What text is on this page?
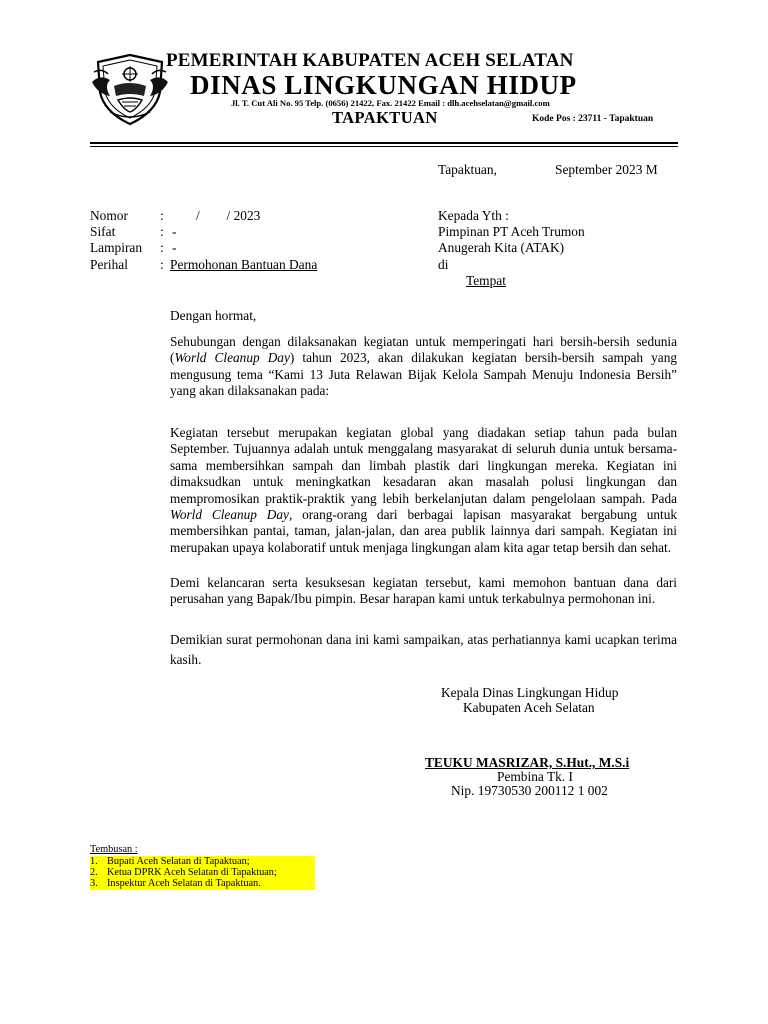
PEMERINTAH KABUPATEN ACEH SELATAN
DINAS LINGKUNGAN HIDUP
Jl. T. Cut Ali No. 95 Telp. (0656) 21422, Fax. 21422 Email : dlh.acehselatan@gmail.com
TAPAKTUAN	Kode Pos : 23711 - Tapaktuan
Tapaktuan,	September 2023 M
Nomor : /        / 2023
Sifat	: -
Lampiran : -
Perihal : Permohonan Bantuan Dana
Kepada Yth :
Pimpinan PT Aceh Trumon
Anugerah Kita (ATAK)
di
Tempat
Dengan hormat,
Sehubungan dengan dilaksanakan kegiatan untuk memperingati hari bersih-bersih sedunia (World Cleanup Day) tahun 2023, akan dilakukan kegiatan bersih-bersih sampah yang mengusung tema “Kami 13 Juta Relawan Bijak Kelola Sampah Menuju Indonesia Bersih” yang akan dilaksanakan pada:
Kegiatan tersebut merupakan kegiatan global yang diadakan setiap tahun pada bulan September. Tujuannya adalah untuk menggalang masyarakat di seluruh dunia untuk bersama-sama membersihkan sampah dan limbah plastik dari lingkungan mereka. Kegiatan ini dimaksudkan untuk meningkatkan kesadaran akan masalah polusi lingkungan dan mempromosikan praktik-praktik yang lebih berkelanjutan dalam pengelolaan sampah. Pada World Cleanup Day, orang-orang dari berbagai lapisan masyarakat bergabung untuk membersihkan pantai, taman, jalan-jalan, dan area publik lainnya dari sampah. Kegiatan ini merupakan upaya kolaboratif untuk menjaga lingkungan alam kita agar tetap bersih dan sehat.
Demi kelancaran serta kesuksesan kegiatan tersebut, kami memohon bantuan dana dari perusahan yang Bapak/Ibu pimpin. Besar harapan kami untuk terkabulnya permohonan ini.
Demikian surat permohonan dana ini kami sampaikan, atas perhatiannya kami ucapkan terima kasih.
Kepala Dinas Lingkungan Hidup
Kabupaten Aceh Selatan
TEUKU MASRIZAR, S.Hut., M.S.i
Pembina Tk. I
Nip. 19730530 200112 1 002
Tembusan :
1. Bupati Aceh Selatan di Tapaktuan;
2. Ketua DPRK Aceh Selatan di Tapaktuan;
3. Inspektur Aceh Selatan di Tapaktuan.
